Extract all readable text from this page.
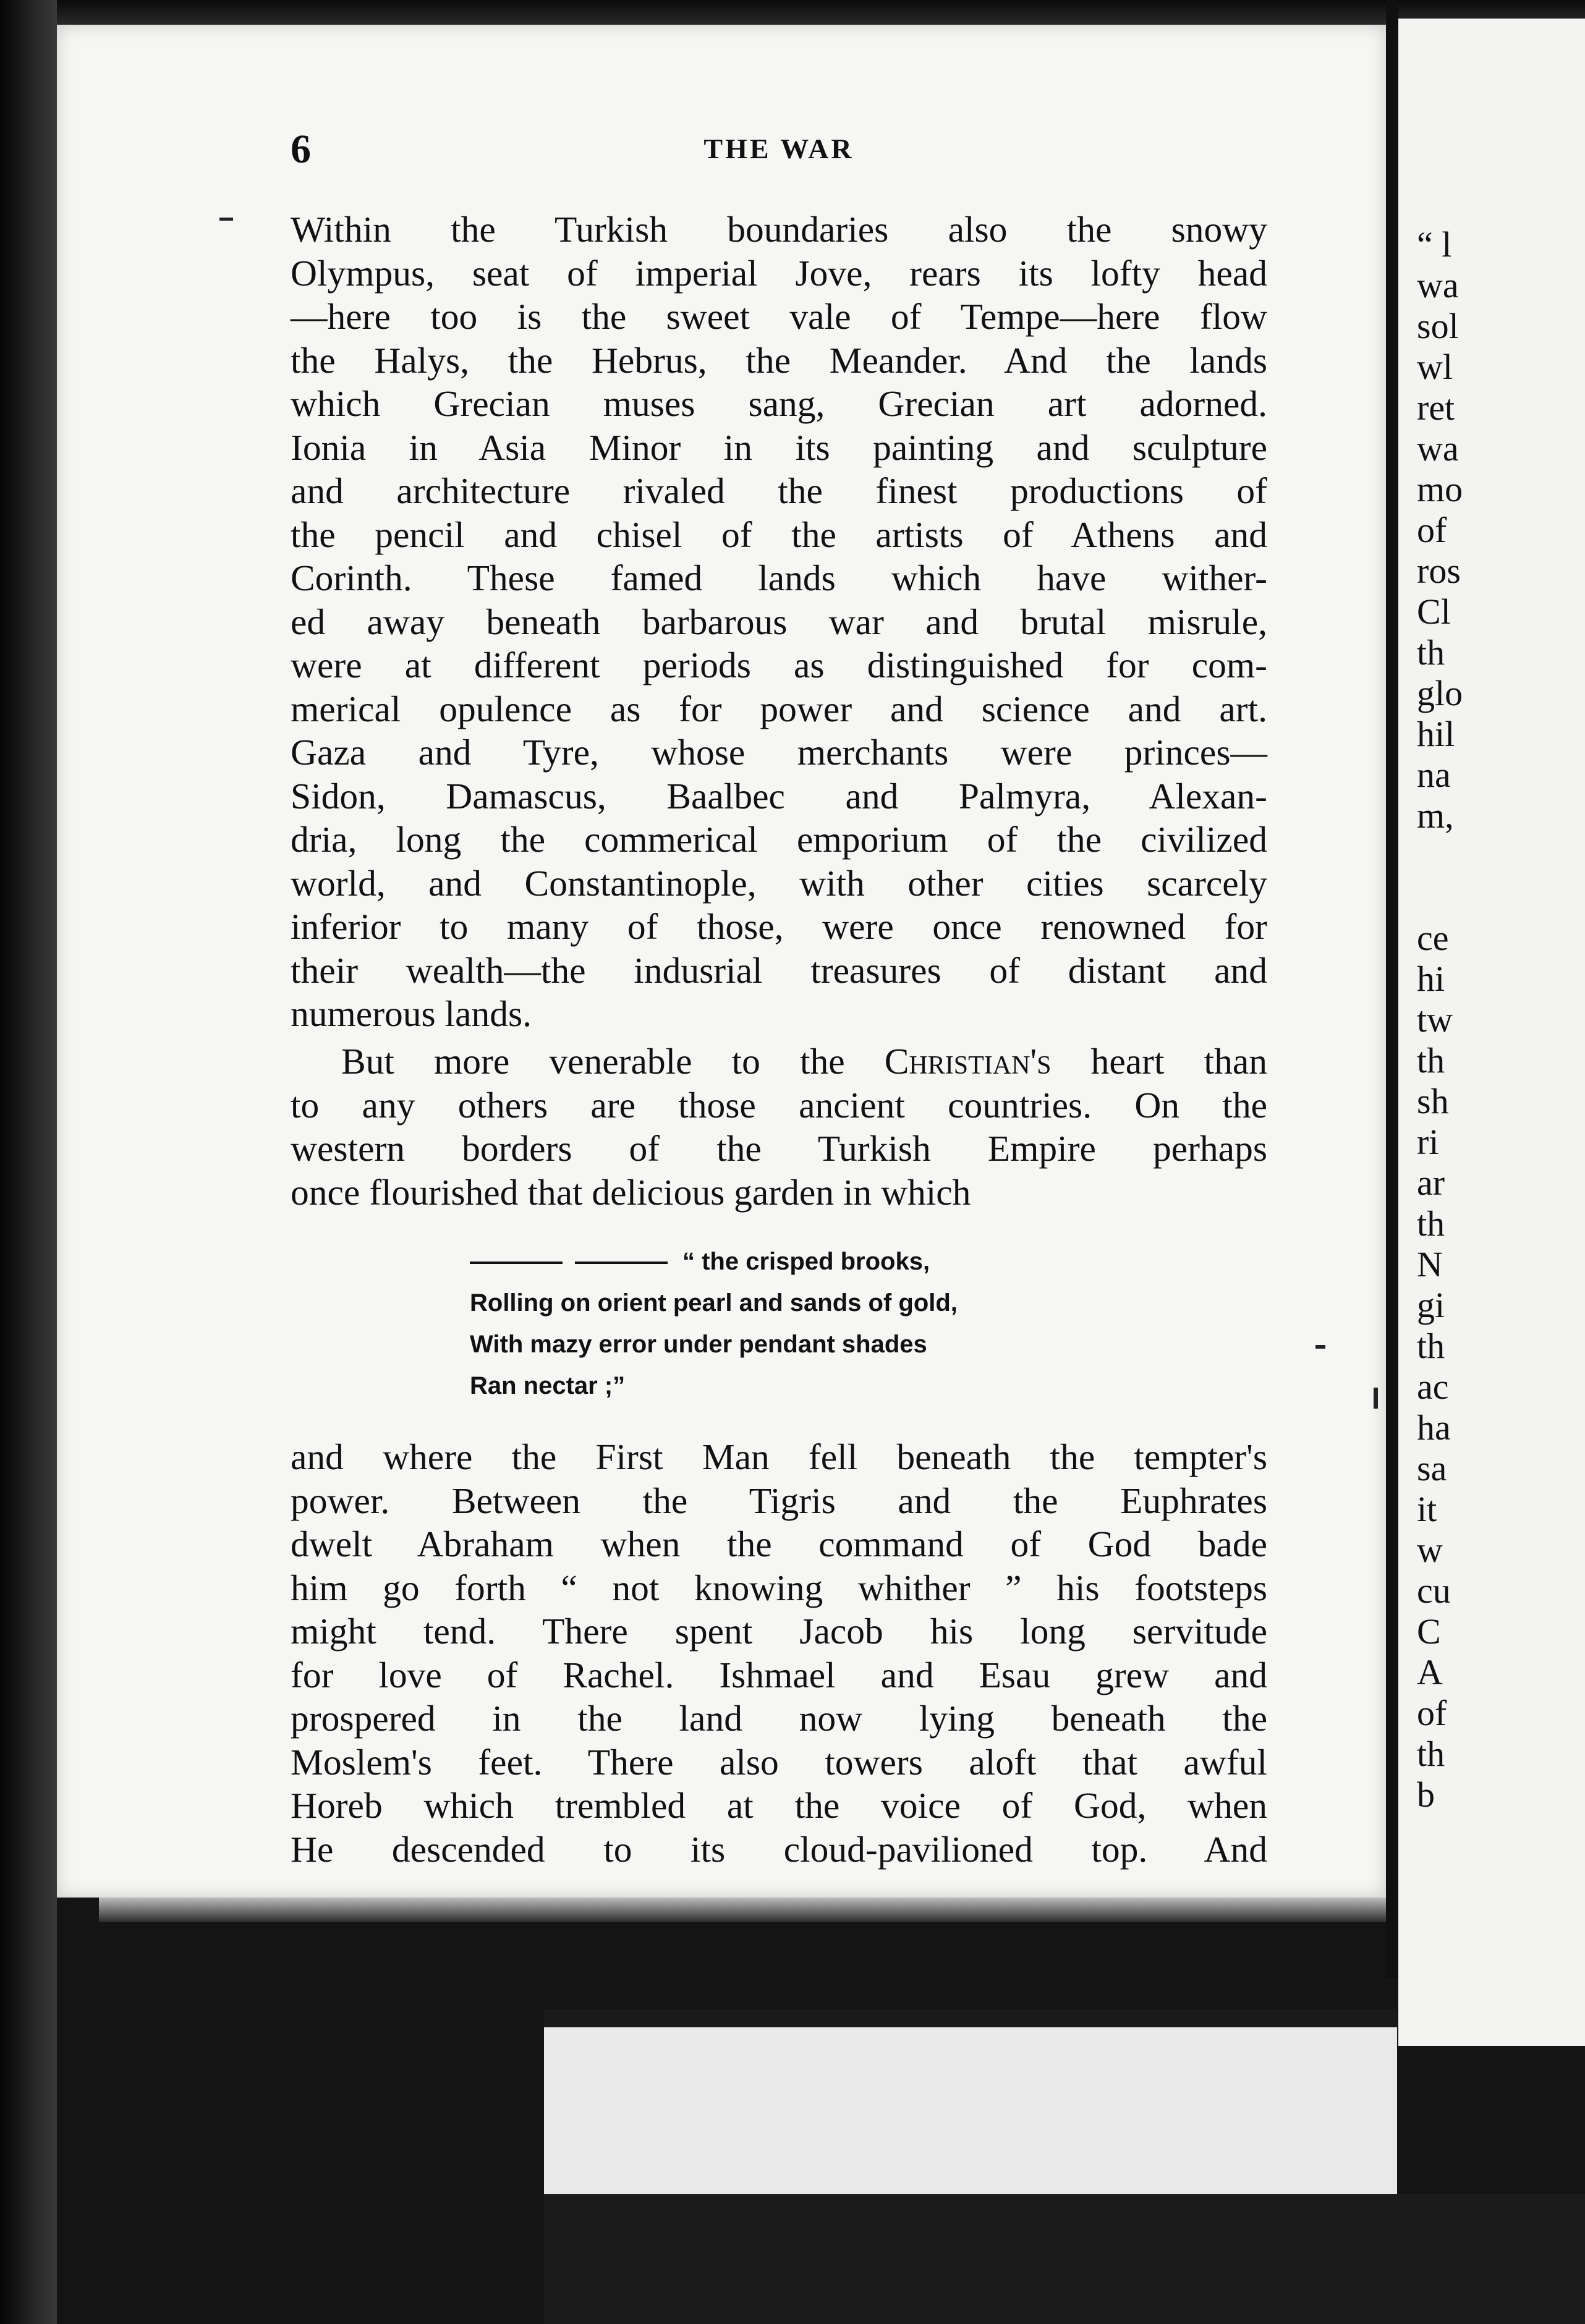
“ l
wa
sol
wl
ret
wa
mo
of
ros
Cl
th
glo
hil
na
m,
ce
hi
tw
th
sh
ri
ar
th
N
gi
th
ac
ha
sa
it
w
cu
C
A
of
th
b
6	THE WAR
Within the Turkish boundaries also the snowy
Olympus, seat of imperial Jove, rears its lofty head
—here too is the sweet vale of Tempe—here flow
the Halys, the Hebrus, the Meander. And the lands
which Grecian muses sang, Grecian art adorned.
Ionia in Asia Minor in its painting and sculpture
and architecture rivaled the finest productions of
the pencil and chisel of the artists of Athens and
Corinth. These famed lands which have wither-
ed away beneath barbarous war and brutal misrule,
were at different periods as distinguished for com-
merical opulence as for power and science and art.
Gaza and Tyre, whose merchants were princes—
Sidon, Damascus, Baalbec and Palmyra, Alexan-
dria, long the commerical emporium of the civilized
world, and Constantinople, with other cities scarcely
inferior to many of those, were once renowned for
their wealth—the indusrial treasures of distant and
numerous lands.
But more venerable to the Christian's heart than
to any others are those ancient countries. On the
western borders of the Turkish Empire perhaps
once flourished that delicious garden in which
“ the crisped brooks,
Rolling on orient pearl and sands of gold,
With mazy error under pendant shades
Ran nectar ;”
and where the First Man fell beneath the tempter's
power. Between the Tigris and the Euphrates
dwelt Abraham when the command of God bade
him go forth “ not knowing whither ” his footsteps
might tend. There spent Jacob his long servitude
for love of Rachel. Ishmael and Esau grew and
prospered in the land now lying beneath the
Moslem's feet. There also towers aloft that awful
Horeb which trembled at the voice of God, when
He descended to its cloud-pavilioned top. And
